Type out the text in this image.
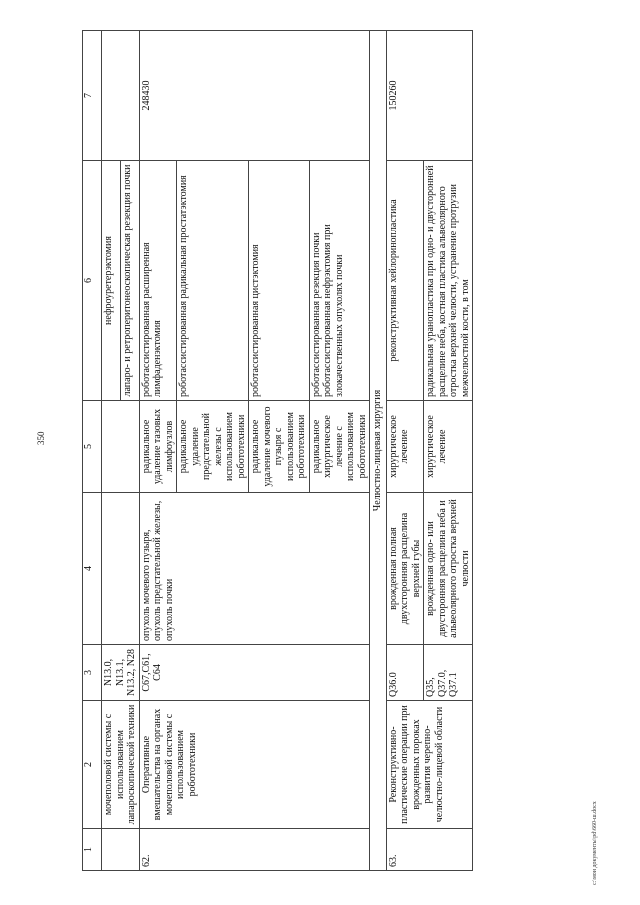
350
c:\мои документы\pd\660-ш.docx
1	2	3	4	5	6	7
	мочеполовой системы с использованием лапароскопической техники	N13.0, N13.1, N13.2, N28			нефроуретерэктомия	
					лапаро- и ретроперитонеоскопическая резекция почки	
62.	Оперативные вмешательства на органах мочеполовой системы с использованием робототехники	C67,C61, C64	опухоль мочевого пузыря, опухоль предстательной железы, опухоль почки	радикальное удаление тазовых лимфоузлов	роботассистированная расширенная лимфаденэктомия	248430
				радикальное удаление предстательной железы с использованием робототехники	роботассистированная радикальная простатэктомия	
				радикальное удаление мочевого пузыря с использованием робототехники	роботассистированная цистэктомия	
				радикальное хирургическое лечение с использованием робототехники	роботассистированная резекция почки роботассистированная нефрэктомия при злокачественных опухолях почки	
Челюстно-лицевая хирургия						
63.	Реконструктивно-пластические операции при врожденных пороках развития черепно-челюстно-лицевой области	Q36.0	врожденная полная двухсторонняя расщелина верхней губы	хирургическое лечение	реконструктивная хейлоринопластика	150260
		Q35, Q37.0, Q37.1	врожденная одно- или двусторонняя расщелина неба и альвеолярного отростка верхней челюсти	хирургическое лечение	радикальная уранопластика при одно- и двусторонней расщелине неба, костная пластика альвеолярного отростка верхней челюсти, устранение протрузии межчелюстной кости, в том	
